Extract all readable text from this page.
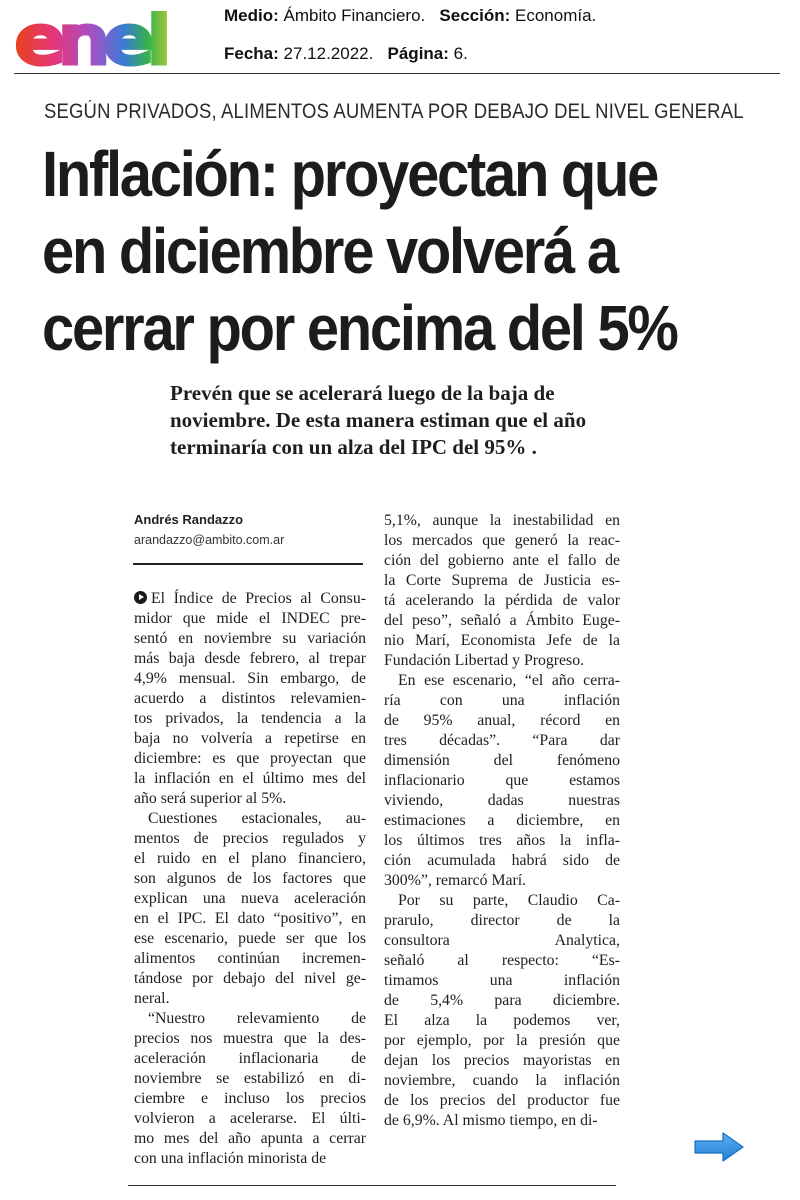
enel	Medio: Ámbito Financiero. Sección: Economía.
Fecha: 27.12.2022. Página: 6.
SEGÚN PRIVADOS, ALIMENTOS AUMENTA POR DEBAJO DEL NIVEL GENERAL
Inflación: proyectan que
en diciembre volverá a
cerrar por encima del 5%
Prevén que se acelerará luego de la baja de
noviembre. De esta manera estiman que el año
terminaría con un alza del IPC del 95% .
Andrés Randazzo
arandazzo@ambito.com.ar
El Índice de Precios al Consu-
midor que mide el INDEC pre-
sentó en noviembre su variación
más baja desde febrero, al trepar
4,9% mensual. Sin embargo, de
acuerdo a distintos relevamien-
tos privados, la tendencia a la
baja no volvería a repetirse en
diciembre: es que proyectan que
la inflación en el último mes del
año será superior al 5%.
Cuestiones estacionales, au-
mentos de precios regulados y
el ruido en el plano financiero,
son algunos de los factores que
explican una nueva aceleración
en el IPC. El dato “positivo”, en
ese escenario, puede ser que los
alimentos continúan incremen-
tándose por debajo del nivel ge-
neral.
“Nuestro relevamiento de
precios nos muestra que la des-
aceleración inflacionaria de
noviembre se estabilizó en di-
ciembre e incluso los precios
volvieron a acelerarse. El últi-
mo mes del año apunta a cerrar
con una inflación minorista de
5,1%, aunque la inestabilidad en
los mercados que generó la reac-
ción del gobierno ante el fallo de
la Corte Suprema de Justicia es-
tá acelerando la pérdida de valor
del peso”, señaló a Ámbito Euge-
nio Marí, Economista Jefe de la
Fundación Libertad y Progreso.
En ese escenario, “el año cerra-
ría con una inflación
de 95% anual, récord en
tres décadas”. “Para dar
dimensión del fenómeno
inflacionario que estamos
viviendo, dadas nuestras
estimaciones a diciembre, en
los últimos tres años la infla-
ción acumulada habrá sido de
300%”, remarcó Marí.
Por su parte, Claudio Ca-
prarulo, director de la
consultora Analytica,
señaló al respecto: “Es-
timamos una inflación
de 5,4% para diciembre.
El alza la podemos ver,
por ejemplo, por la presión que
dejan los precios mayoristas en
noviembre, cuando la inflación
de los precios del productor fue
de 6,9%. Al mismo tiempo, en di-
